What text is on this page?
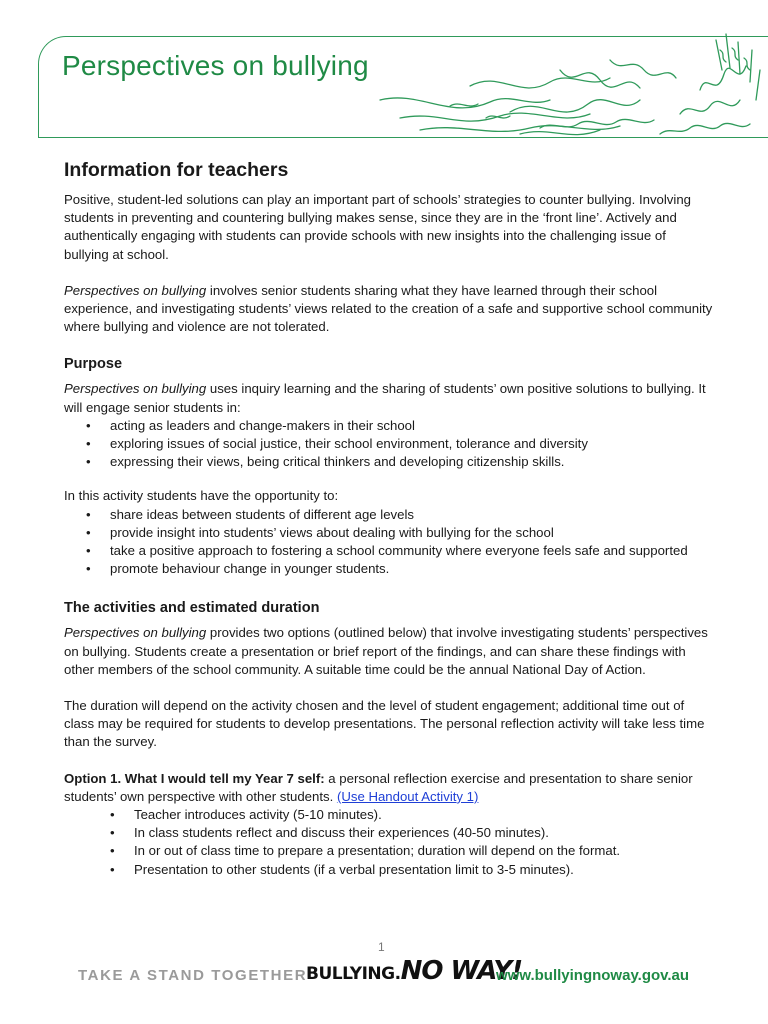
Perspectives on bullying
Information for teachers

Positive, student-led solutions can play an important part of schools’ strategies to counter bullying. Involving students in preventing and countering bullying makes sense, since they are in the ‘front line’. Actively and authentically engaging with students can provide schools with new insights into the challenging issue of bullying at school.

Perspectives on bullying involves senior students sharing what they have learned through their school experience, and investigating students’ views related to the creation of a safe and supportive school community where bullying and violence are not tolerated.

Purpose

Perspectives on bullying uses inquiry learning and the sharing of students’ own positive solutions to bullying. It will engage senior students in:

• acting as leaders and change-makers in their school
• exploring issues of social justice, their school environment, tolerance and diversity
• expressing their views, being critical thinkers and developing citizenship skills.

In this activity students have the opportunity to:

• share ideas between students of different age levels
• provide insight into students’ views about dealing with bullying for the school
• take a positive approach to fostering a school community where everyone feels safe and supported
• promote behaviour change in younger students.
The activities and estimated duration

Perspectives on bullying provides two options (outlined below) that involve investigating students’ perspectives on bullying. Students create a presentation or brief report of the findings, and can share these findings with other members of the school community. A suitable time could be the annual National Day of Action.

The duration will depend on the activity chosen and the level of student engagement; additional time out of class may be required for students to develop presentations. The personal reflection activity will take less time than the survey.

Option 1. What I would tell my Year 7 self: a personal reflection exercise and presentation to share senior students’ own perspective with other students. (Use Handout Activity 1)

• Teacher introduces activity (5-10 minutes).
• In class students reflect and discuss their experiences (40-50 minutes).
• In or out of class time to prepare a presentation; duration will depend on the format.
• Presentation to other students (if a verbal presentation limit to 3-5 minutes).
1
TAKE A STAND TOGETHER
BULLYING.NO WAY!
www.bullyingnoway.gov.au
